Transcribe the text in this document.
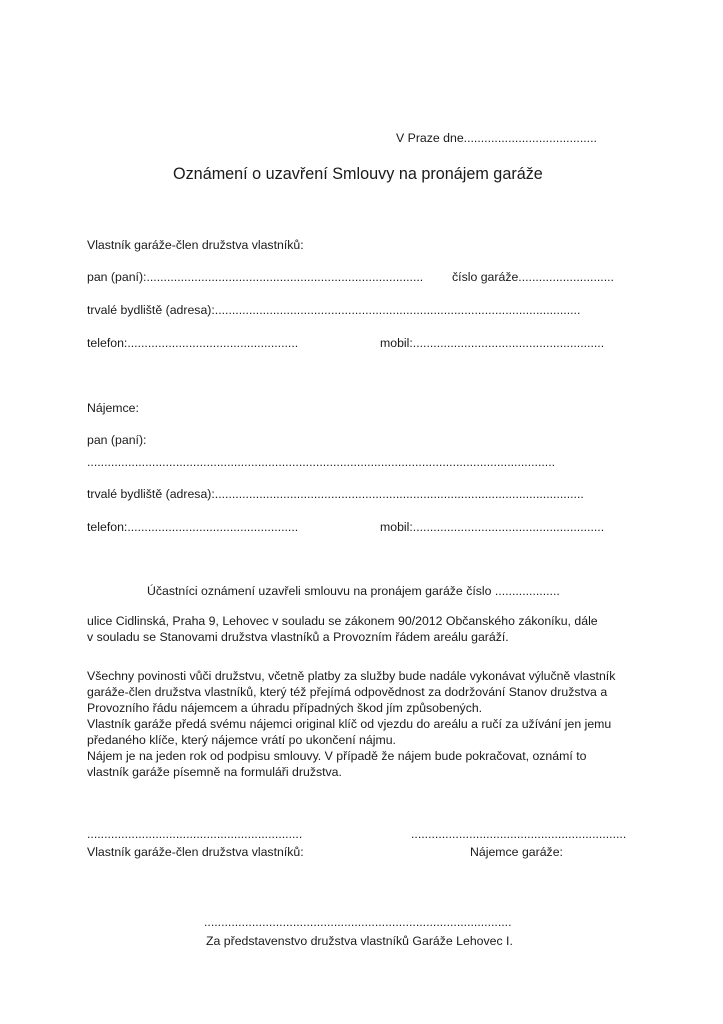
V Praze dne.......................................
Oznámení o uzavření Smlouvy na pronájem garáže
Vlastník garáže-člen družstva vlastníků:
pan (paní):................................................................................. číslo garáže............................
trvalé bydliště (adresa):...........................................................................................................
telefon:..................................................	mobil:........................................................
Nájemce:
pan (paní):
.........................................................................................................................................
trvalé bydliště (adresa):............................................................................................................
telefon:..................................................	mobil:........................................................
Účastníci oznámení uzavřeli smlouvu na pronájem garáže číslo ...................
ulice Cidlinská, Praha 9, Lehovec v souladu se zákonem 90/2012 Občanského zákoníku, dále
v souladu se Stanovami družstva vlastníků a Provozním řádem areálu garáží.
Všechny povinosti vůči družstvu, včetně platby za služby bude nadále vykonávat výlučně vlastník
garáže-člen družstva vlastníků, který též přejímá odpovědnost za dodržování Stanov družstva a
Provozního řádu nájemcem a úhradu případných škod jím způsobených.
Vlastník garáže předá svému nájemci original klíč od vjezdu do areálu a ručí za užívání jen jemu
předaného klíče, který nájemce vrátí po ukončení nájmu.
Nájem je na jeden rok od podpisu smlouvy. V případě že nájem bude pokračovat, oznámí to
vlastník garáže písemně na formuláři družstva.
...............................................................
Vlastník garáže-člen družstva vlastníků:
...............................................................
Nájemce garáže:
..........................................................................................
Za představenstvo družstva vlastníků Garáže Lehovec I.
